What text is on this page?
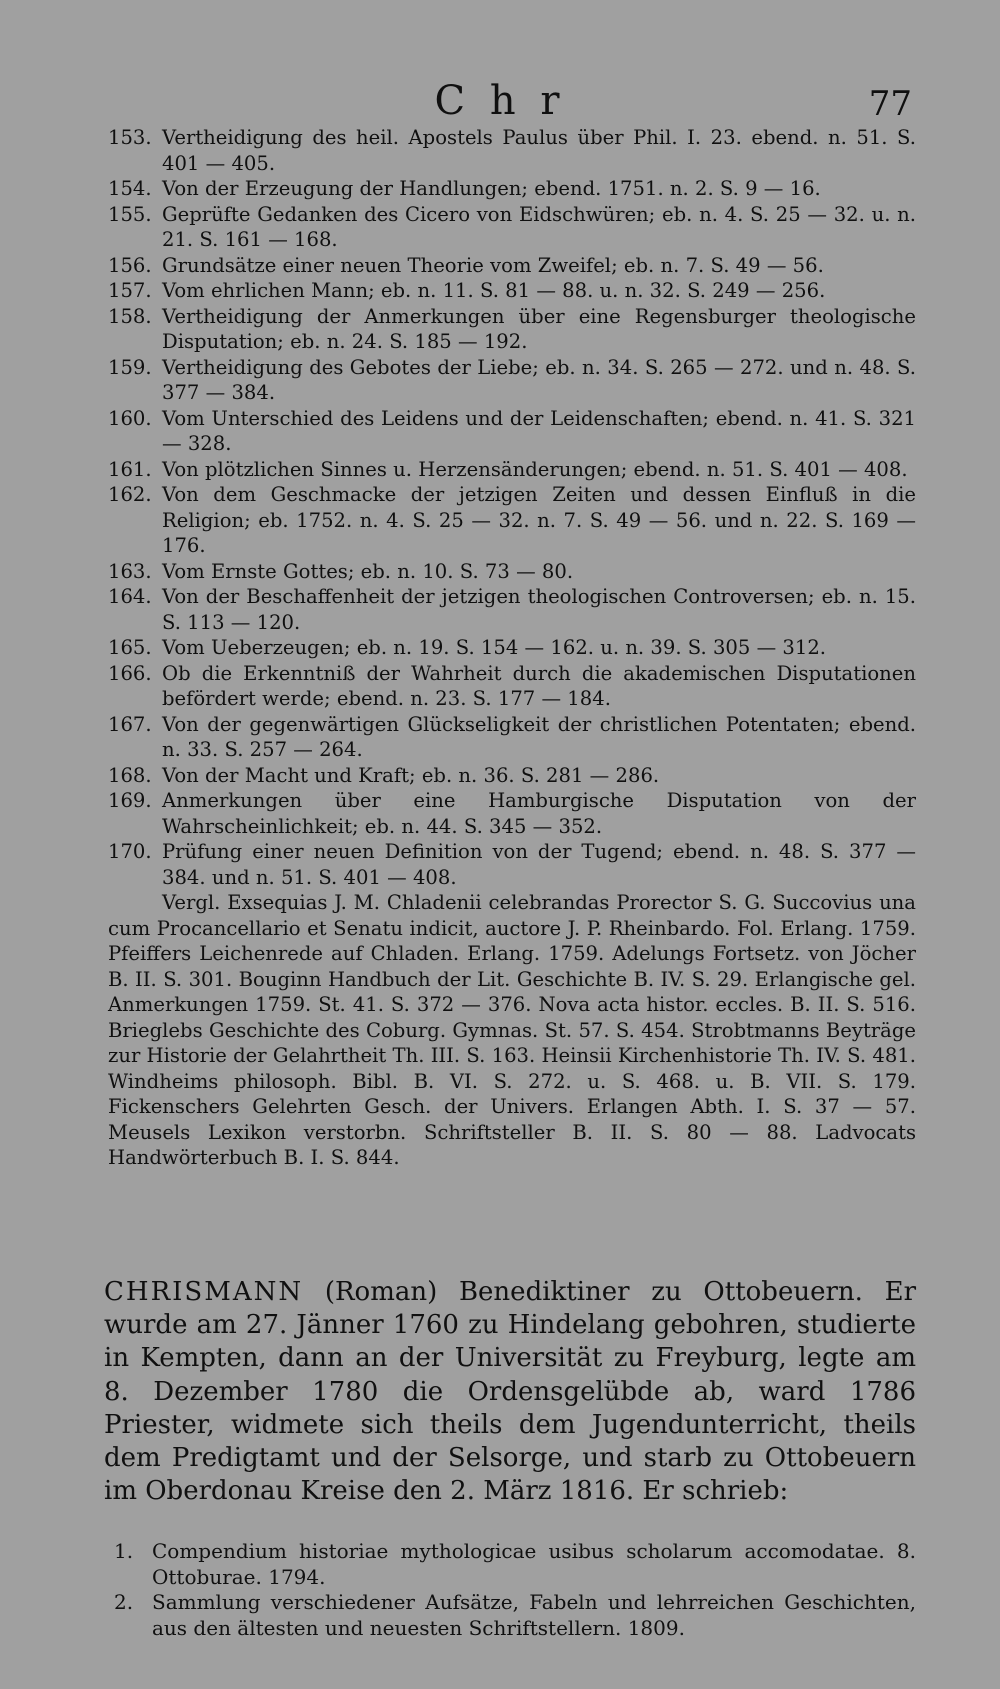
C h r	77
153. Vertheidigung des heil. Apostels Paulus über Phil. I. 23. ebend. n. 51. S. 401 — 405.
154. Von der Erzeugung der Handlungen; ebend. 1751. n. 2. S. 9 — 16.
155. Geprüfte Gedanken des Cicero von Eidschwüren; eb. n. 4. S. 25 — 32. u. n. 21. S. 161 — 168.
156. Grundsätze einer neuen Theorie vom Zweifel; eb. n. 7. S. 49 — 56.
157. Vom ehrlichen Mann; eb. n. 11. S. 81 — 88. u. n. 32. S. 249 — 256.
158. Vertheidigung der Anmerkungen über eine Regensburger theologische Disputation; eb. n. 24. S. 185 — 192.
159. Vertheidigung des Gebotes der Liebe; eb. n. 34. S. 265 — 272. und n. 48. S. 377 — 384.
160. Vom Unterschied des Leidens und der Leidenschaften; ebend. n. 41. S. 321 — 328.
161. Von plötzlichen Sinnes u. Herzensänderungen; ebend. n. 51. S. 401 — 408.
162. Von dem Geschmacke der jetzigen Zeiten und dessen Einfluß in die Religion; eb. 1752. n. 4. S. 25 — 32. n. 7. S. 49 — 56. und n. 22. S. 169 — 176.
163. Vom Ernste Gottes; eb. n. 10. S. 73 — 80.
164. Von der Beschaffenheit der jetzigen theologischen Controversen; eb. n. 15. S. 113 — 120.
165. Vom Ueberzeugen; eb. n. 19. S. 154 — 162. u. n. 39. S. 305 — 312.
166. Ob die Erkenntniß der Wahrheit durch die akademischen Disputationen befördert werde; ebend. n. 23. S. 177 — 184.
167. Von der gegenwärtigen Glückseligkeit der christlichen Potentaten; ebend. n. 33. S. 257 — 264.
168. Von der Macht und Kraft; eb. n. 36. S. 281 — 286.
169. Anmerkungen über eine Hamburgische Disputation von der Wahrscheinlichkeit; eb. n. 44. S. 345 — 352.
170. Prüfung einer neuen Definition von der Tugend; ebend. n. 48. S. 377 — 384. und n. 51. S. 401 — 408.
Vergl. Exsequias J. M. Chladenii celebrandas Prorector S. G. Succovius una cum Procancellario et Senatu indicit, auctore J. P. Rheinbardo. Fol. Erlang. 1759. Pfeiffers Leichenrede auf Chladen. Erlang. 1759. Adelungs Fortsetz. von Jöcher B. II. S. 301. Bouginn Handbuch der Lit. Geschichte B. IV. S. 29. Erlangische gel. Anmerkungen 1759. St. 41. S. 372 — 376. Nova acta histor. eccles. B. II. S. 516. Brieglebs Geschichte des Coburg. Gymnas. St. 57. S. 454. Strobtmanns Beyträge zur Historie der Gelahrtheit Th. III. S. 163. Heinsii Kirchenhistorie Th. IV. S. 481. Windheims philosoph. Bibl. B. VI. S. 272. u. S. 468. u. B. VII. S. 179. Fickenschers Gelehrten Gesch. der Univers. Erlangen Abth. I. S. 37 — 57. Meusels Lexikon verstorbn. Schriftsteller B. II. S. 80 — 88. Ladvocats Handwörterbuch B. I. S. 844.
CHRISMANN (Roman) Benediktiner zu Ottobeuern. Er wurde am 27. Jänner 1760 zu Hindelang gebohren, studierte in Kempten, dann an der Universität zu Freyburg, legte am 8. Dezember 1780 die Ordensgelübde ab, ward 1786 Priester, widmete sich theils dem Jugendunterricht, theils dem Predigtamt und der Selsorge, und starb zu Ottobeuern im Oberdonau Kreise den 2. März 1816. Er schrieb:
1. Compendium historiae mythologicae usibus scholarum accomodatae. 8. Ottoburae. 1794.
2. Sammlung verschiedener Aufsätze, Fabeln und lehrreichen Geschichten, aus den ältesten und neuesten Schriftstellern. 1809.
